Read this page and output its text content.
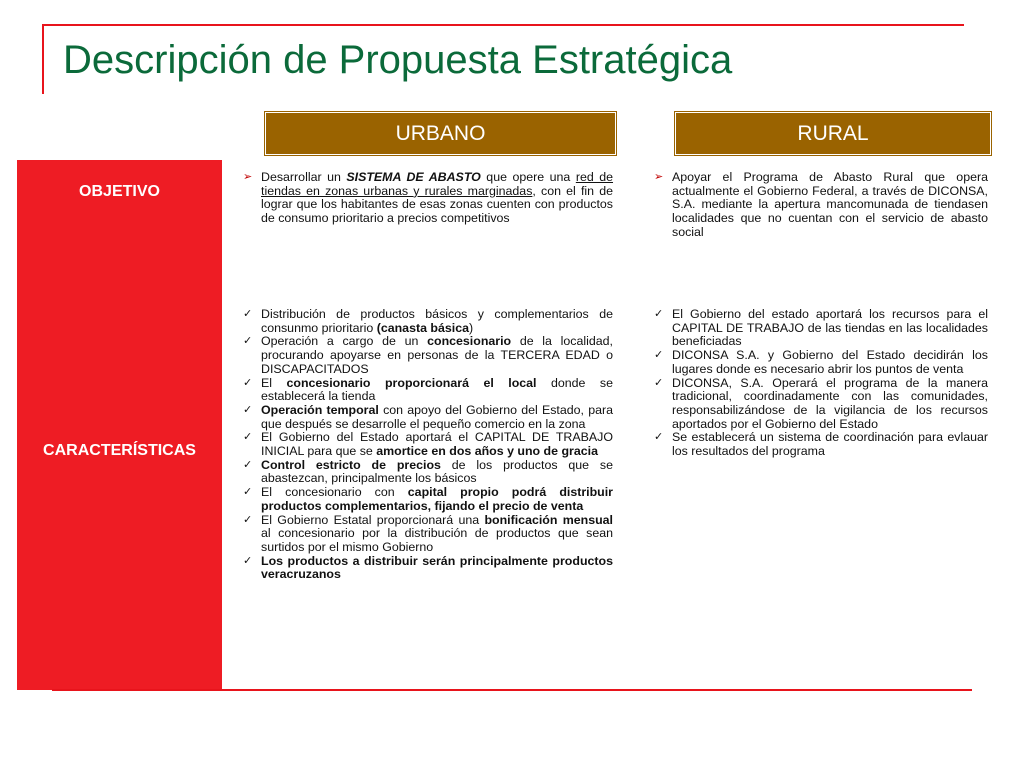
Descripción de Propuesta Estratégica
URBANO	RURAL
OBJETIVO
CARACTERÍSTICAS
➢ Desarrollar un SISTEMA DE ABASTO que opere una red de tiendas en zonas urbanas y rurales marginadas, con el fin de lograr que los habitantes de esas zonas cuenten con productos de consumo prioritario a precios competitivos
➢ Apoyar el Programa de Abasto Rural que opera actualmente el Gobierno Federal, a través de DICONSA, S.A. mediante la apertura mancomunada de tiendasen localidades que no cuentan con el servicio de abasto social
✓ Distribución de productos básicos y complementarios de consunmo prioritario (canasta básica)
✓ Operación a cargo de un concesionario de la localidad, procurando apoyarse en personas de la TERCERA EDAD o DISCAPACITADOS
✓ El concesionario proporcionará el local donde se establecerá la tienda
✓ Operación temporal con apoyo del Gobierno del Estado, para que después se desarrolle el pequeño comercio en la zona
✓ El Gobierno del Estado aportará el CAPITAL DE TRABAJO INICIAL para que se amortice en dos años y uno de gracia
✓ Control estricto de precios de los productos que se abastezcan, principalmente los básicos
✓ El concesionario con capital propio podrá distribuir productos complementarios, fijando el precio de venta
✓ El Gobierno Estatal proporcionará una bonificación mensual al concesionario por la distribución de productos que sean surtidos por el mismo Gobierno
✓ Los productos a distribuir serán principalmente productos veracruzanos
✓ El Gobierno del estado aportará los recursos para el CAPITAL DE TRABAJO de las tiendas en las localidades beneficiadas
✓ DICONSA S.A. y Gobierno del Estado decidirán los lugares donde es necesario abrir los puntos de venta
✓ DICONSA, S.A. Operará el programa de la manera tradicional, coordinadamente con las comunidades, responsabilizándose de la vigilancia de los recursos aportados por el Gobierno del Estado
✓ Se establecerá un sistema de coordinación para evlauar los resultados del programa
